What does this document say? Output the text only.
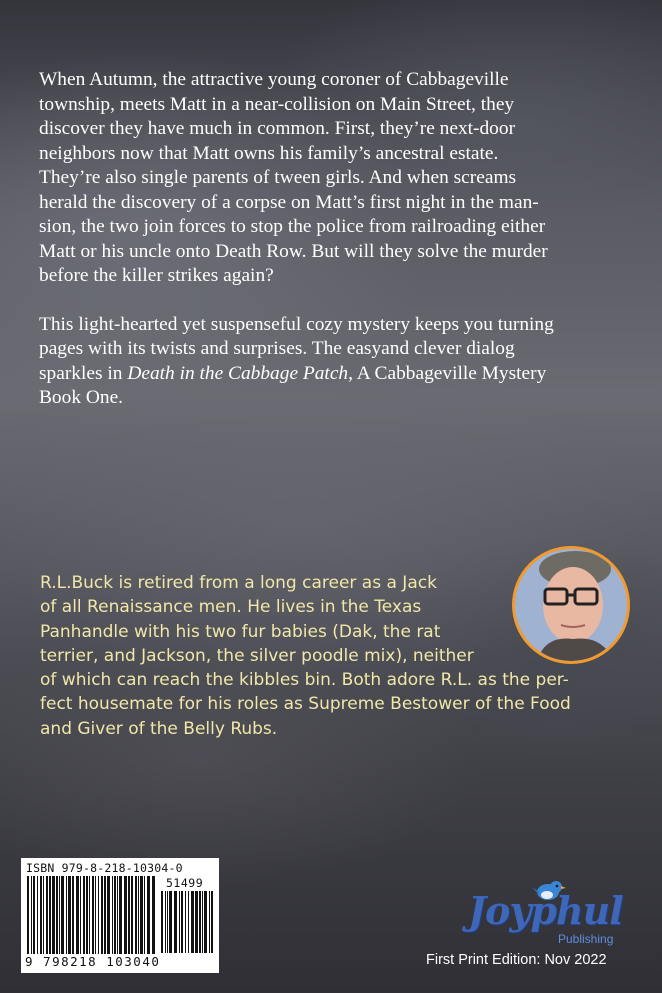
When Autumn, the attractive young coroner of Cabbageville
township, meets Matt in a near-collision on Main Street, they
discover they have much in common. First, they’re next-door
neighbors now that Matt owns his family’s ancestral estate.
They’re also single parents of tween girls. And when screams
herald the discovery of a corpse on Matt’s first night in the man-
sion, the two join forces to stop the police from railroading either
Matt or his uncle onto Death Row. But will they solve the murder
before the killer strikes again?

This light-hearted yet suspenseful cozy mystery keeps you turning
pages with its twists and surprises. The easyand clever dialog
sparkles in Death in the Cabbage Patch, A Cabbageville Mystery
Book One.

R.L.Buck is retired from a long career as a Jack
of all Renaissance men. He lives in the Texas
Panhandle with his two fur babies (Dak, the rat
terrier, and Jackson, the silver poodle mix), neither
of which can reach the kibbles bin. Both adore R.L. as the per-
fect housemate for his roles as Supreme Bestower of the Food
and Giver of the Belly Rubs.
ISBN 979-8-218-10304-0
51499
9 798218 103040
Joyphul
Publishing
First Print Edition: Nov 2022
